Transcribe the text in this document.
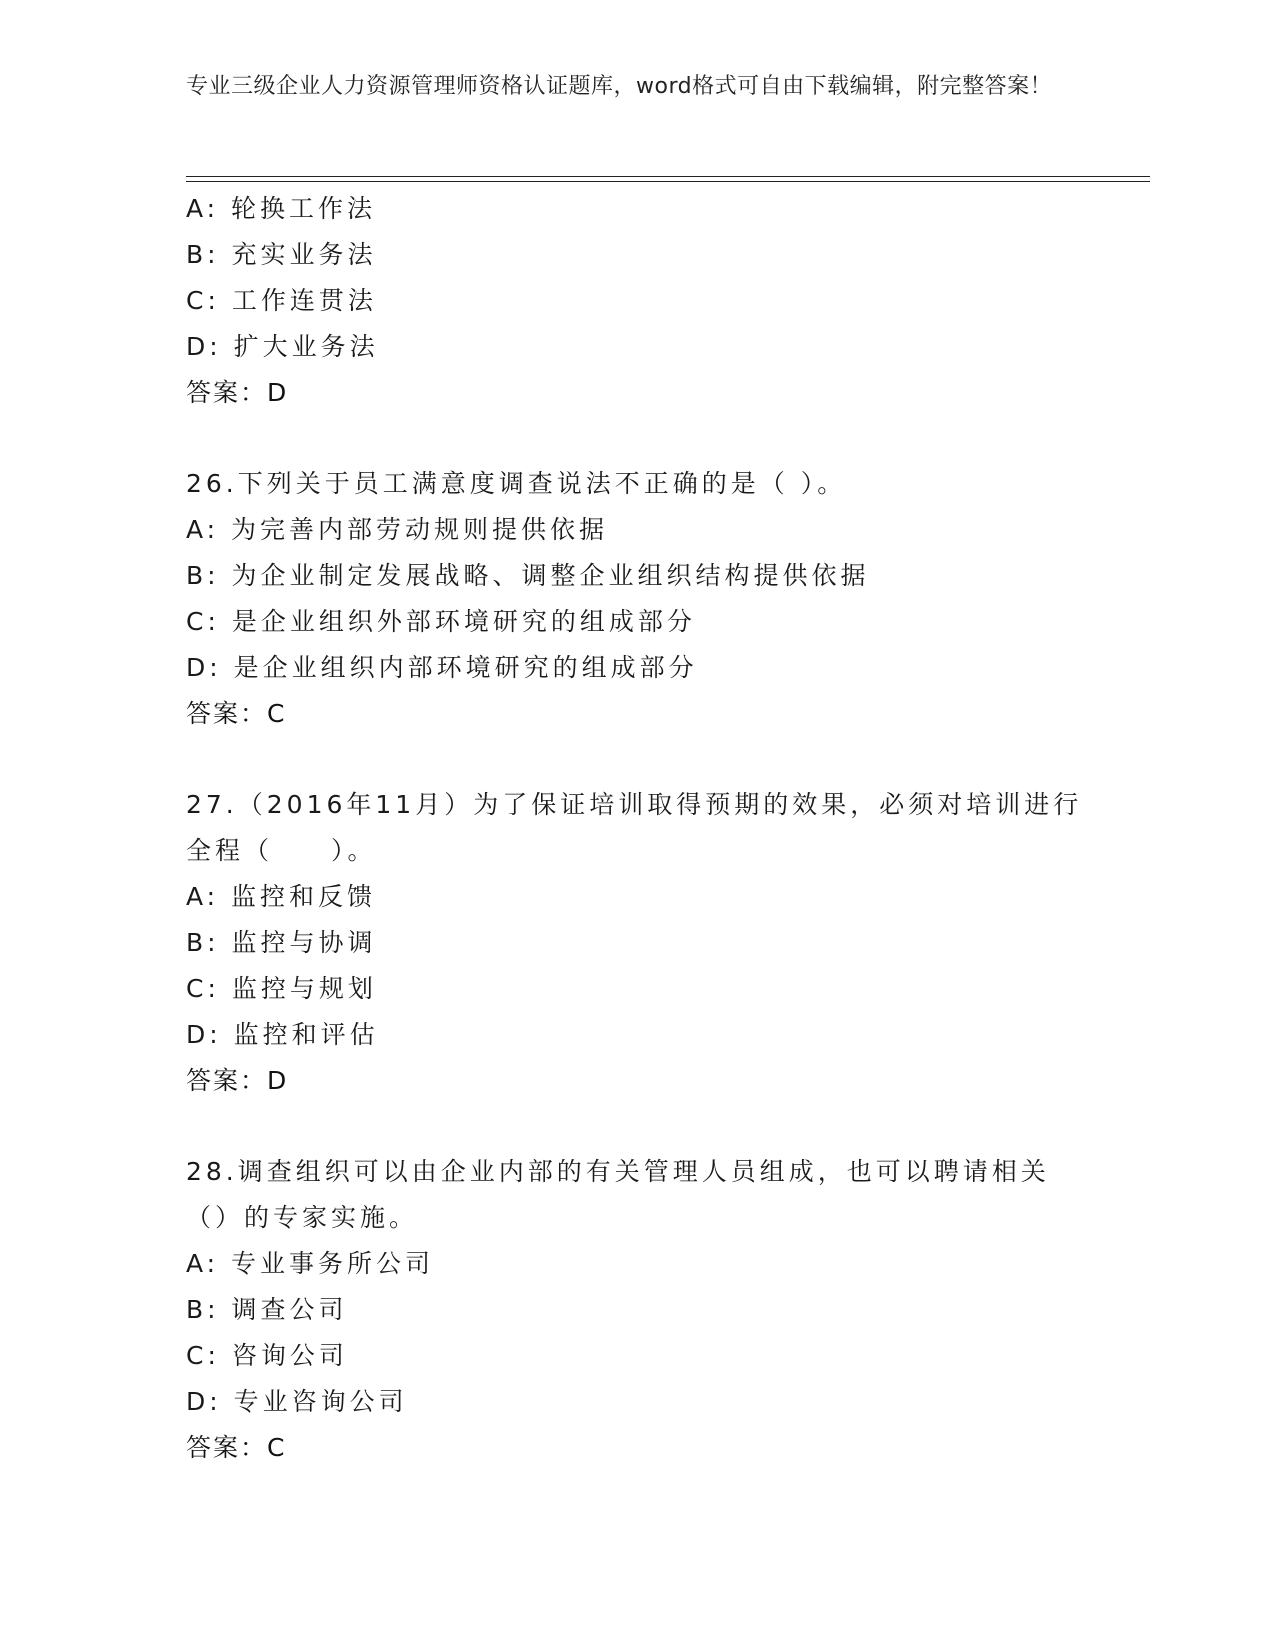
专业三级企业人力资源管理师资格认证题库，word格式可自由下载编辑，附完整答案！
A: 轮换工作法
B: 充实业务法
C: 工作连贯法
D: 扩大业务法
答案：D
26.下列关于员工满意度调查说法不正确的是（ ）。
A: 为完善内部劳动规则提供依据
B: 为企业制定发展战略、调整企业组织结构提供依据
C: 是企业组织外部环境研究的组成部分
D: 是企业组织内部环境研究的组成部分
答案：C
27.（2016年11月）为了保证培训取得预期的效果，必须对培训进行全程（　　）。
A: 监控和反馈
B: 监控与协调
C: 监控与规划
D: 监控和评估
答案：D
28.调查组织可以由企业内部的有关管理人员组成，也可以聘请相关（）的专家实施。
A: 专业事务所公司
B: 调查公司
C: 咨询公司
D: 专业咨询公司
答案：C
